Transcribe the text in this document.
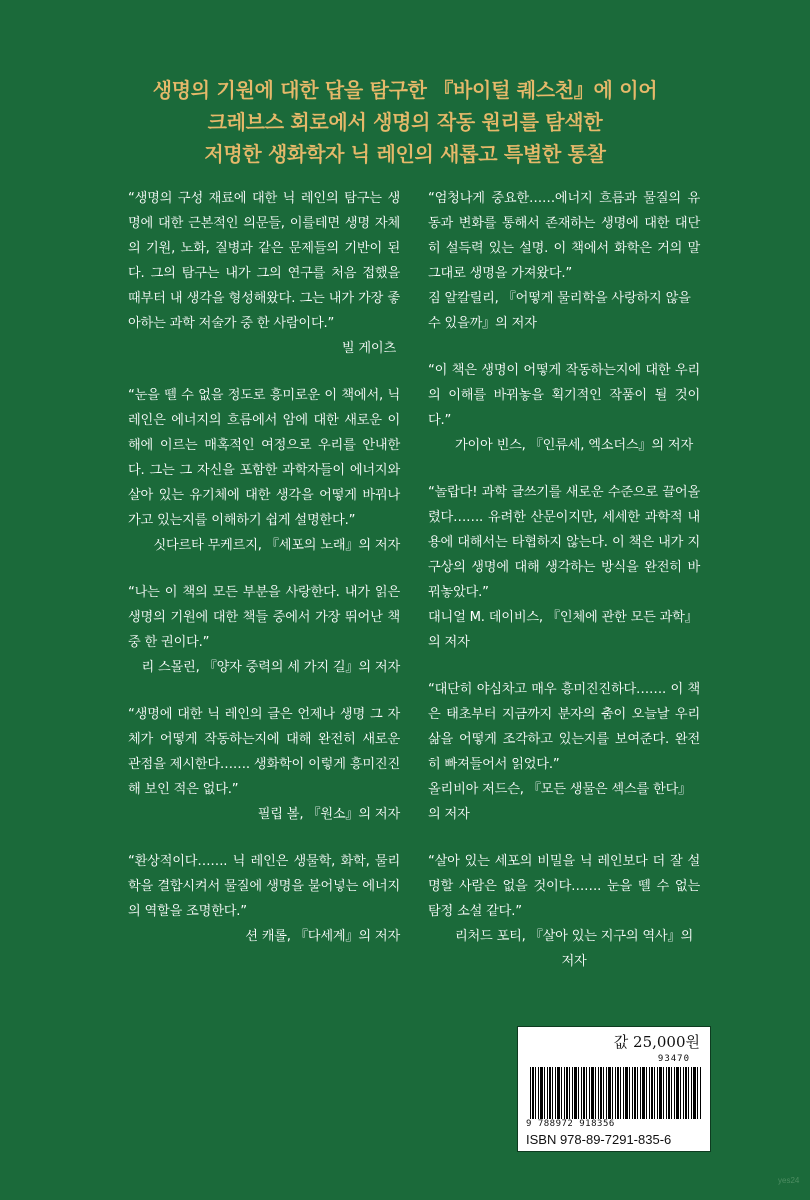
생명의 기원에 대한 답을 탐구한 『바이털 퀘스천』에 이어
크레브스 회로에서 생명의 작동 원리를 탐색한
저명한 생화학자 닉 레인의 새롭고 특별한 통찰

“생명의 구성 재료에 대한 닉 레인의 탐구는 생명에 대한 근본적인 의문들, 이를테면 생명 자체의 기원, 노화, 질병과 같은 문제들의 기반이 된다. 그의 탐구는 내가 그의 연구를 처음 접했을 때부터 내 생각을 형성해왔다. 그는 내가 가장 좋아하는 과학 저술가 중 한 사람이다.”

빌 게이츠

“눈을 뗄 수 없을 정도로 흥미로운 이 책에서, 닉 레인은 에너지의 흐름에서 암에 대한 새로운 이해에 이르는 매혹적인 여정으로 우리를 안내한다. 그는 그 자신을 포함한 과학자들이 에너지와 살아 있는 유기체에 대한 생각을 어떻게 바꿔나가고 있는지를 이해하기 쉽게 설명한다.”

싯다르타 무케르지, 『세포의 노래』의 저자

“나는 이 책의 모든 부분을 사랑한다. 내가 읽은 생명의 기원에 대한 책들 중에서 가장 뛰어난 책 중 한 권이다.”

리 스몰린, 『양자 중력의 세 가지 길』의 저자

“생명에 대한 닉 레인의 글은 언제나 생명 그 자체가 어떻게 작동하는지에 대해 완전히 새로운 관점을 제시한다……. 생화학이 이렇게 흥미진진해 보인 적은 없다.”

필립 볼, 『원소』의 저자

“환상적이다……. 닉 레인은 생물학, 화학, 물리학을 결합시켜서 물질에 생명을 불어넣는 에너지의 역할을 조명한다.”

션 캐롤, 『다세계』의 저자

“엄청나게 중요한……에너지 흐름과 물질의 유동과 변화를 통해서 존재하는 생명에 대한 대단히 설득력 있는 설명. 이 책에서 화학은 거의 말 그대로 생명을 가져왔다.”

짐 알칼릴리, 『어떻게 물리학을 사랑하지 않을 수 있을까』의 저자

“이 책은 생명이 어떻게 작동하는지에 대한 우리의 이해를 바꿔놓을 획기적인 작품이 될 것이다.”

가이아 빈스, 『인류세, 엑소더스』의 저자

“놀랍다! 과학 글쓰기를 새로운 수준으로 끌어올렸다……. 유려한 산문이지만, 세세한 과학적 내용에 대해서는 타협하지 않는다. 이 책은 내가 지구상의 생명에 대해 생각하는 방식을 완전히 바꿔놓았다.”

대니얼 M. 데이비스, 『인체에 관한 모든 과학』의 저자

“대단히 야심차고 매우 흥미진진하다……. 이 책은 태초부터 지금까지 분자의 춤이 오늘날 우리 삶을 어떻게 조각하고 있는지를 보여준다. 완전히 빠져들어서 읽었다.”

올리비아 저드슨, 『모든 생물은 섹스를 한다』의 저자

“살아 있는 세포의 비밀을 닉 레인보다 더 잘 설명할 사람은 없을 것이다……. 눈을 뗄 수 없는 탐정 소설 같다.”

리처드 포티, 『살아 있는 지구의 역사』의 저자

값 25,000원
93470
9 788972 918356
ISBN 978-89-7291-835-6
yes24
